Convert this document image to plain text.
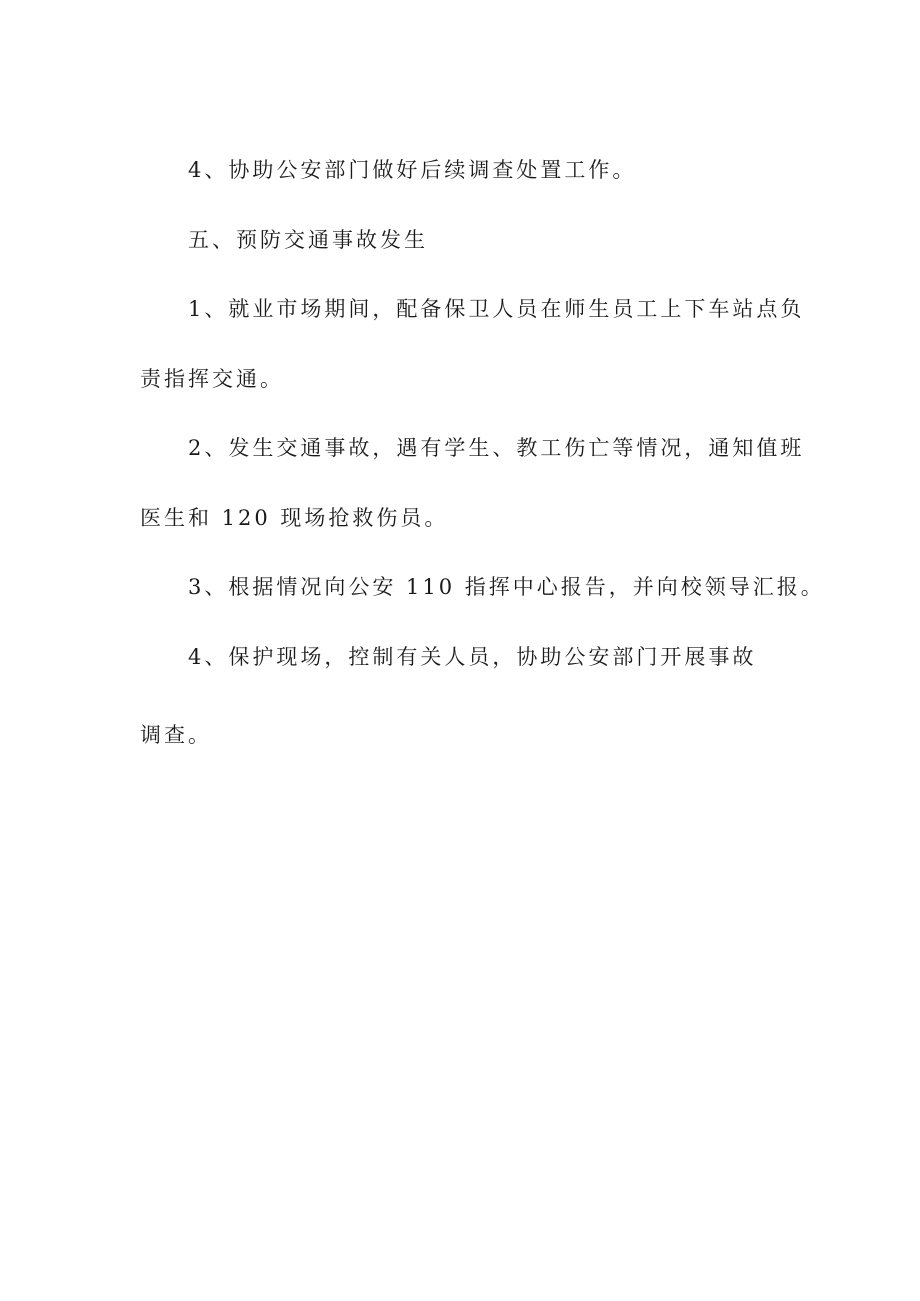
4、协助公安部门做好后续调查处置工作。
五、预防交通事故发生
1、就业市场期间，配备保卫人员在师生员工上下车站点负
责指挥交通。
2、发生交通事故，遇有学生、教工伤亡等情况，通知值班
医生和 120 现场抢救伤员。
3、根据情况向公安 110 指挥中心报告，并向校领导汇报。
4、保护现场，控制有关人员，协助公安部门开展事故
调查。
